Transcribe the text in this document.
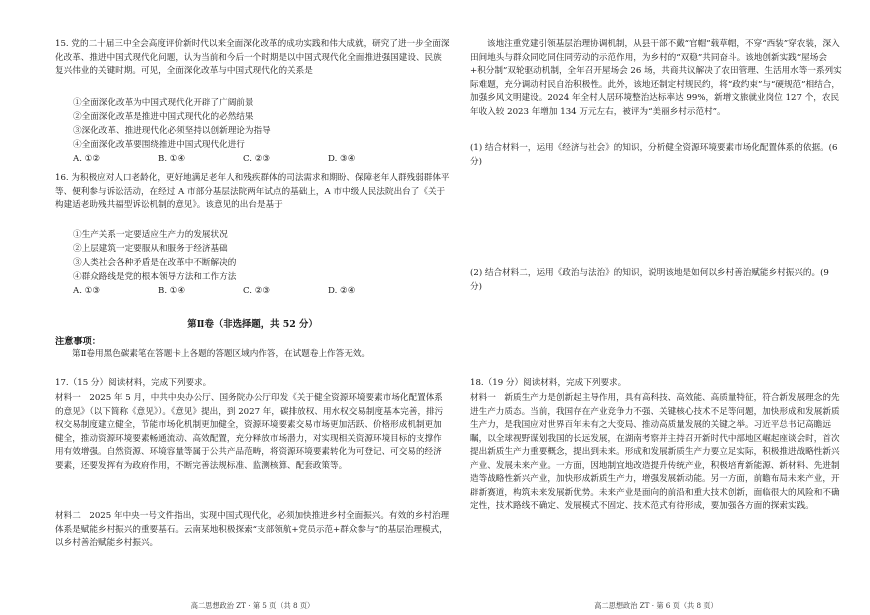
15. 党的二十届三中全会高度评价新时代以来全面深化改革的成功实践和伟大成就，研究了进一步全面深化改革、推进中国式现代化问题，认为当前和今后一个时期是以中国式现代化全面推进强国建设、民族复兴伟业的关键时期。可见，全面深化改革与中国式现代化的关系是

①全面深化改革为中国式现代化开辟了广阔前景
②全面深化改革是推进中国式现代化的必然结果
③深化改革、推进现代化必须坚持以创新理论为指导
④全面深化改革要围绕推进中国式现代化进行
A. ①②	B. ①④	C. ②③	D. ③④

16. 为积极应对人口老龄化，更好地满足老年人和残疾群体的司法需求和期盼、保障老年人群残弱群体平等、便利参与诉讼活动，在经过 A 市部分基层法院两年试点的基础上，A 市中级人民法院出台了《关于构建适老助残共福型诉讼机制的意见》。该意见的出台是基于

①生产关系一定要适应生产力的发展状况
②上层建筑一定要服从和服务于经济基础
③人类社会各种矛盾是在改革中不断解决的
④群众路线是党的根本领导方法和工作方法
A. ①③	B. ①④	C. ②③	D. ②④
第Ⅱ卷（非选择题，共 52 分）
注意事项：

第Ⅱ卷用黑色碳素笔在答题卡上各题的答题区域内作答，在试题卷上作答无效。

17.（15 分）阅读材料，完成下列要求。

材料一　2025 年 5 月，中共中央办公厅、国务院办公厅印发《关于健全资源环境要素市场化配置体系的意见》（以下简称《意见》）。《意见》提出，到 2027 年，碳排放权、用水权交易制度基本完善，排污权交易制度建立健全，节能市场化机制更加健全，资源环境要素交易市场更加活跃、价格形成机制更加健全，推动资源环境要素畅通流动、高效配置，充分释放市场潜力，对实现相关资源环境目标的支撑作用有效增强。自然资源、环境容量等属于公共产品范畴，将资源环境要素转化为可登记、可交易的经济要素，还要发挥有为政府作用，不断完善法规标准、监测核算、配套政策等。

材料二　2025 年中央一号文件指出，实现中国式现代化，必须加快推进乡村全面振兴。有效的乡村治理体系是赋能乡村振兴的重要基石。云南某地积极探索“支部领航+党员示范+群众参与”的基层治理模式，以乡村善治赋能乡村振兴。

高二思想政治 ZT · 第 5 页（共 8 页）

该地注重党建引领基层治理协调机制，从县干部不戴“官帽”载草帽，不穿“西装”穿农装，深入田间地头与群众同吃同住同劳动的示范作用，为乡村的“双稳”共同奋斗。该地创新实践“屋场会+积分制”双轮驱动机制，全年召开屋场会 26 场，共商共议解决了农田管理、生活用水等一系列实际难题，充分调动村民自治积极性。此外，该地还制定村规民约，将“政约束”与“硬规范”相结合，加强乡风文明建设。2024 年全村人居环境整治达标率达 99%，新增文旅就业岗位 127 个，农民年收入较 2023 年增加 134 万元左右，被评为“美丽乡村示范村”。

(1) 结合材料一，运用《经济与社会》的知识，分析健全资源环境要素市场化配置体系的依据。(6 分)

(2) 结合材料二，运用《政治与法治》的知识，说明该地是如何以乡村善治赋能乡村振兴的。(9 分)

18.（19 分）阅读材料，完成下列要求。

材料一　新质生产力是创新起主导作用，具有高科技、高效能、高质量特征，符合新发展理念的先进生产力质态。当前，我国存在产业竞争力不强、关键核心技术不足等问题，加快形成和发展新质生产力，是我国应对世界百年未有之大变局、推动高质量发展的关键之举。习近平总书记高瞻远瞩，以全球视野谋划我国的长远发展，在湖南考察并主持召开新时代中部地区崛起座谈会时，首次提出新质生产力重要概念，提出到未来。形成和发展新质生产力要立足实际，积极推进战略性新兴产业、发展未来产业。一方面，因地制宜地改造提升传统产业，积极培育新能源、新材料、先进制造等战略性新兴产业，加快形成新质生产力，增强发展新动能。另一方面，前瞻布局未来产业，开辟新赛道，构筑未来发展新优势。未来产业是面向的前沿和重大技术创新，面临很大的风险和不确定性，技术路线不确定、发展模式不固定、技术范式有待形成，要加强各方面的探索实践。

高二思想政治 ZT · 第 6 页（共 8 页）
